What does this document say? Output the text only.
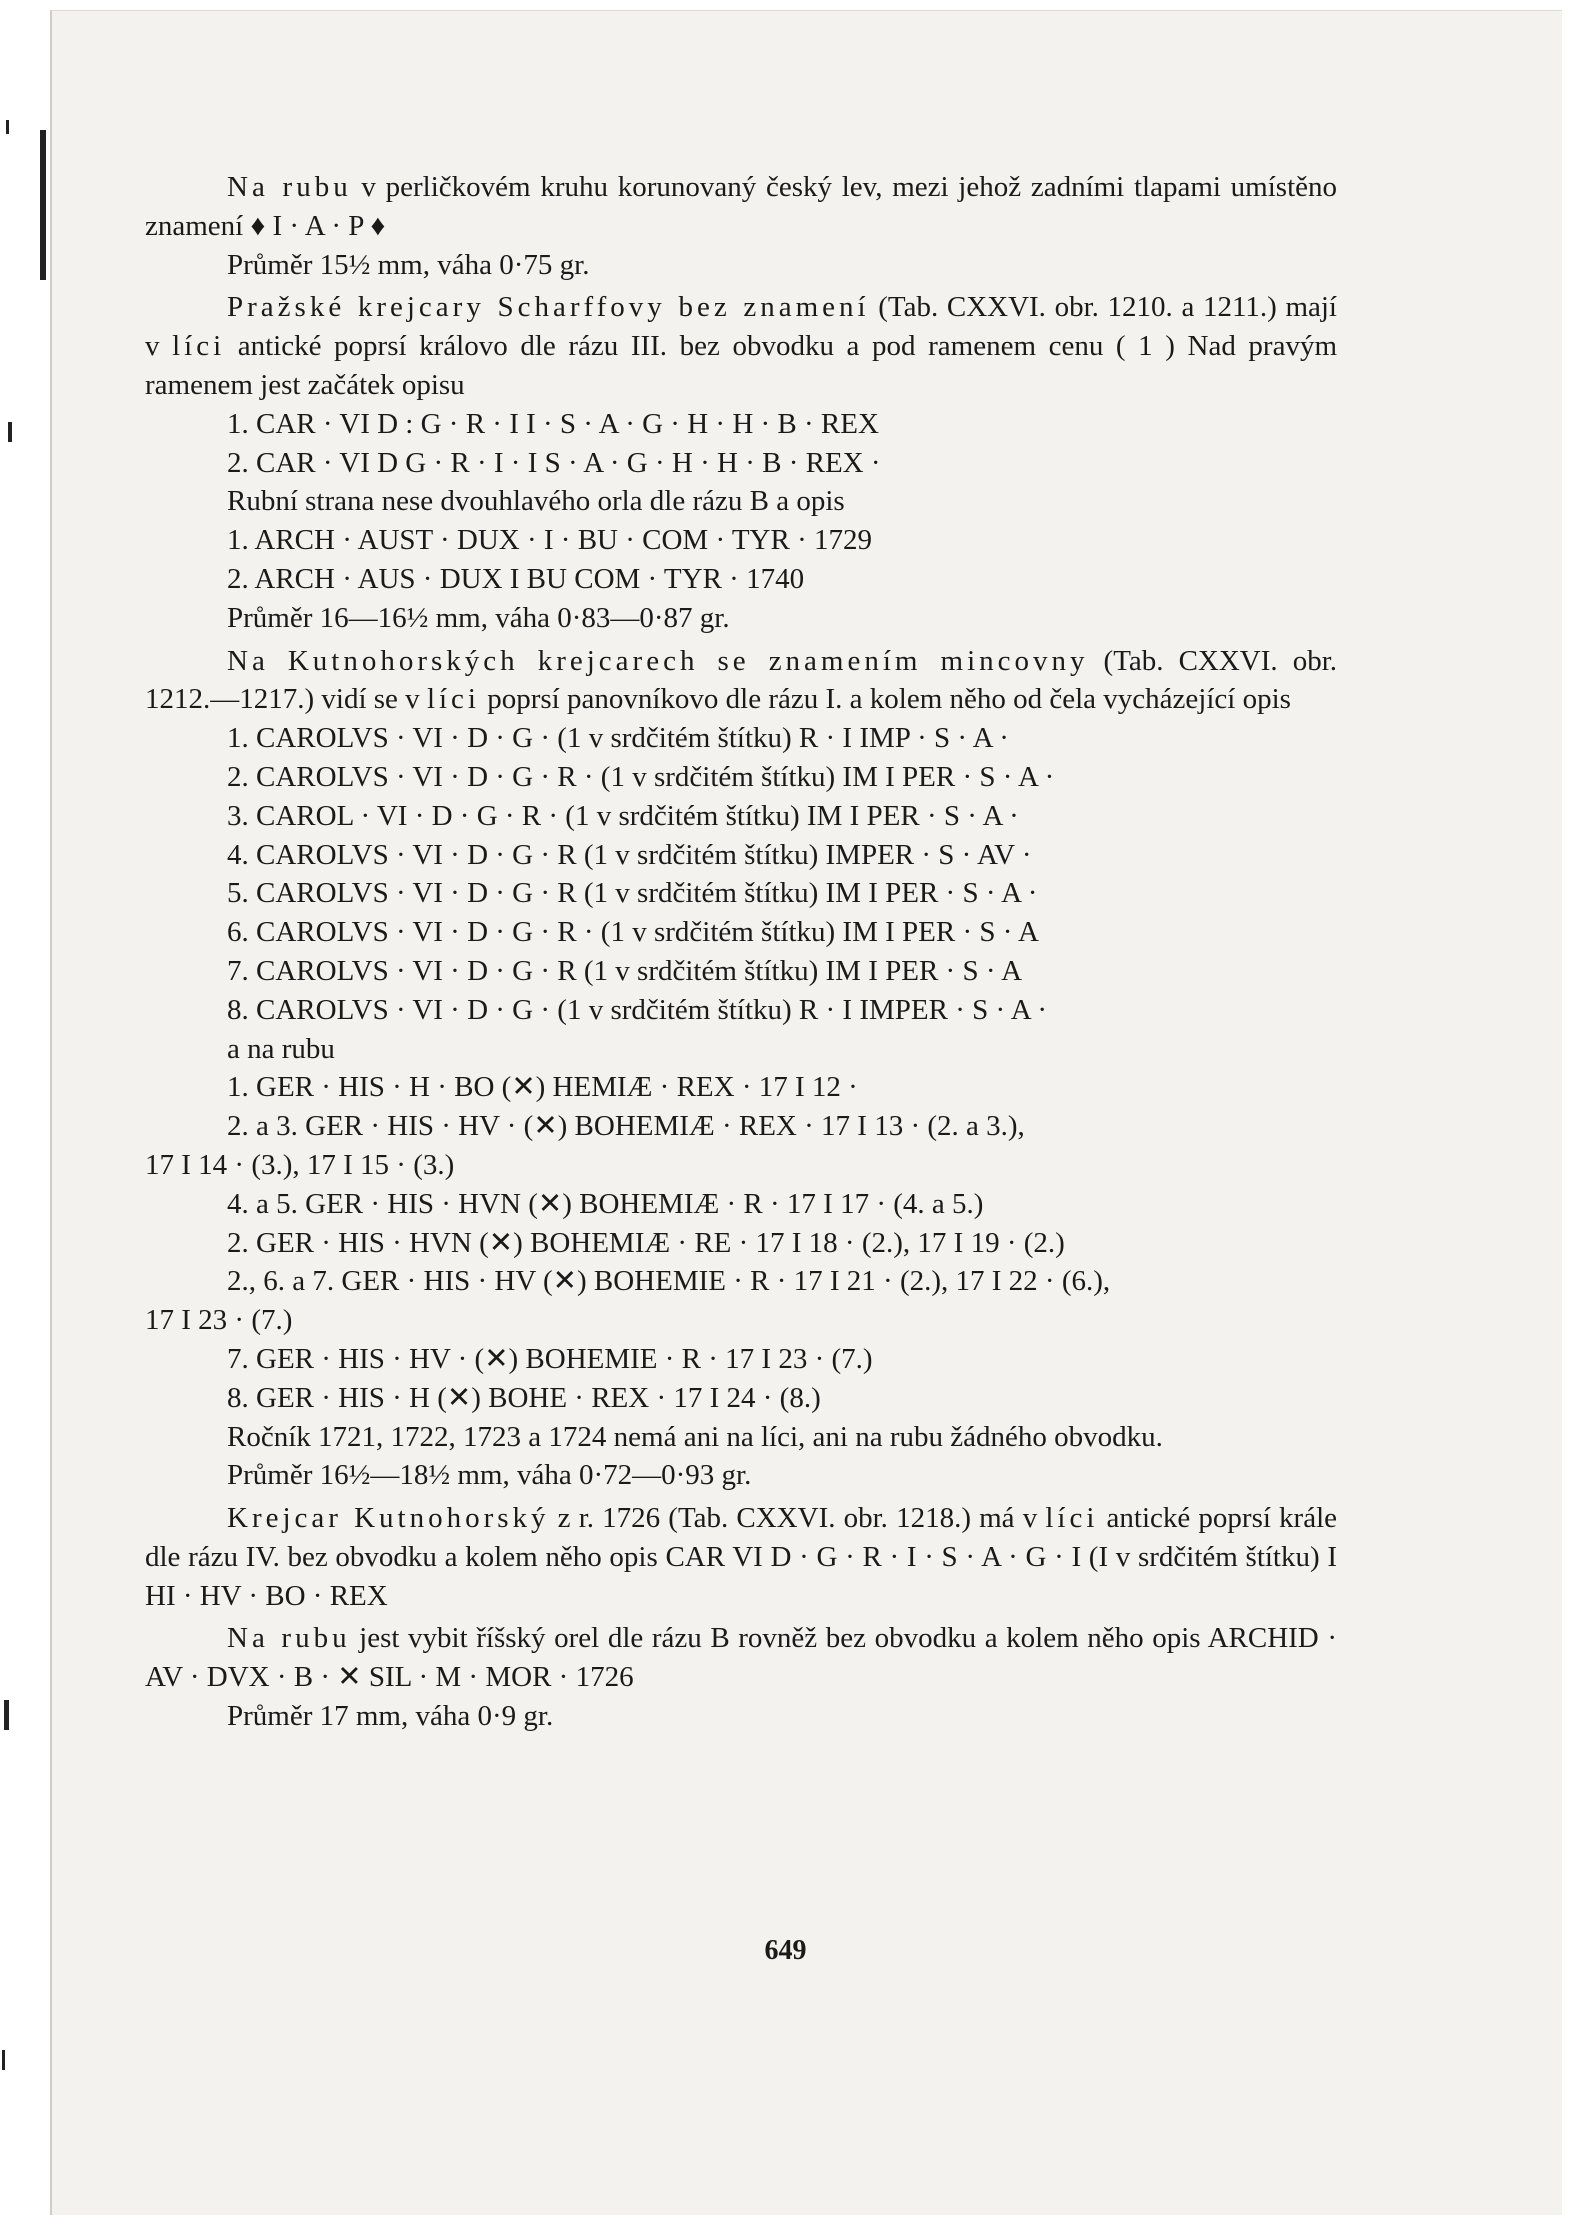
Na rubu v perličkovém kruhu korunovaný český lev, mezi jehož zadními tlapami umístěno znamení ♦ I · A · P ♦

Průměr 15½ mm, váha 0·75 gr.

Pražské krejcary Scharffovy bez znamení (Tab. CXXVI. obr. 1210. a 1211.) mají v líci antické poprsí královo dle rázu III. bez obvodku a pod ramenem cenu ( 1 ) Nad pravým ramenem jest začátek opisu

1. CAR · VI D : G · R · I I · S · A · G · H · H · B · REX

2. CAR · VI D G · R · I · I S · A · G · H · H · B · REX ·

Rubní strana nese dvouhlavého orla dle rázu B a opis

1. ARCH · AUST · DUX · I · BU · COM · TYR · 1729

2. ARCH · AUS · DUX I BU COM · TYR · 1740

Průměr 16—16½ mm, váha 0·83—0·87 gr.

Na Kutnohorských krejcarech se znamením mincovny (Tab. CXXVI. obr. 1212.—1217.) vidí se v líci poprsí panovníkovo dle rázu I. a kolem něho od čela vycházející opis

1. CAROLVS · VI · D · G · (1 v srdčitém štítku) R · I IMP · S · A ·

2. CAROLVS · VI · D · G · R · (1 v srdčitém štítku) IM I PER · S · A ·

3. CAROL · VI · D · G · R · (1 v srdčitém štítku) IM I PER · S · A ·

4. CAROLVS · VI · D · G · R (1 v srdčitém štítku) IMPER · S · AV ·

5. CAROLVS · VI · D · G · R (1 v srdčitém štítku) IM I PER · S · A ·

6. CAROLVS · VI · D · G · R · (1 v srdčitém štítku) IM I PER · S · A

7. CAROLVS · VI · D · G · R (1 v srdčitém štítku) IM I PER · S · A

8. CAROLVS · VI · D · G · (1 v srdčitém štítku) R · I IMPER · S · A ·

a na rubu

1. GER · HIS · H · BO (✕) HEMIÆ · REX · 17 I 12 ·

2. a 3. GER · HIS · HV · (✕) BOHEMIÆ · REX · 17 I 13 · (2. a 3.),

17 I 14 · (3.), 17 I 15 · (3.)

4. a 5. GER · HIS · HVN (✕) BOHEMIÆ · R · 17 I 17 · (4. a 5.)

2. GER · HIS · HVN (✕) BOHEMIÆ · RE · 17 I 18 · (2.), 17 I 19 · (2.)

2., 6. a 7. GER · HIS · HV (✕) BOHEMIE · R · 17 I 21 · (2.), 17 I 22 · (6.),

17 I 23 · (7.)

7. GER · HIS · HV · (✕) BOHEMIE · R · 17 I 23 · (7.)

8. GER · HIS · H (✕) BOHE · REX · 17 I 24 · (8.)

Ročník 1721, 1722, 1723 a 1724 nemá ani na líci, ani na rubu žádného obvodku.

Průměr 16½—18½ mm, váha 0·72—0·93 gr.

Krejcar Kutnohorský z r. 1726 (Tab. CXXVI. obr. 1218.) má v líci antické poprsí krále dle rázu IV. bez obvodku a kolem něho opis CAR VI D · G · R · I · S · A · G · I (I v srdčitém štítku) I HI · HV · BO · REX

Na rubu jest vybit říšský orel dle rázu B rovněž bez obvodku a kolem něho opis ARCHID · AV · DVX · B · ✕ SIL · M · MOR · 1726

Průměr 17 mm, váha 0·9 gr.

649
